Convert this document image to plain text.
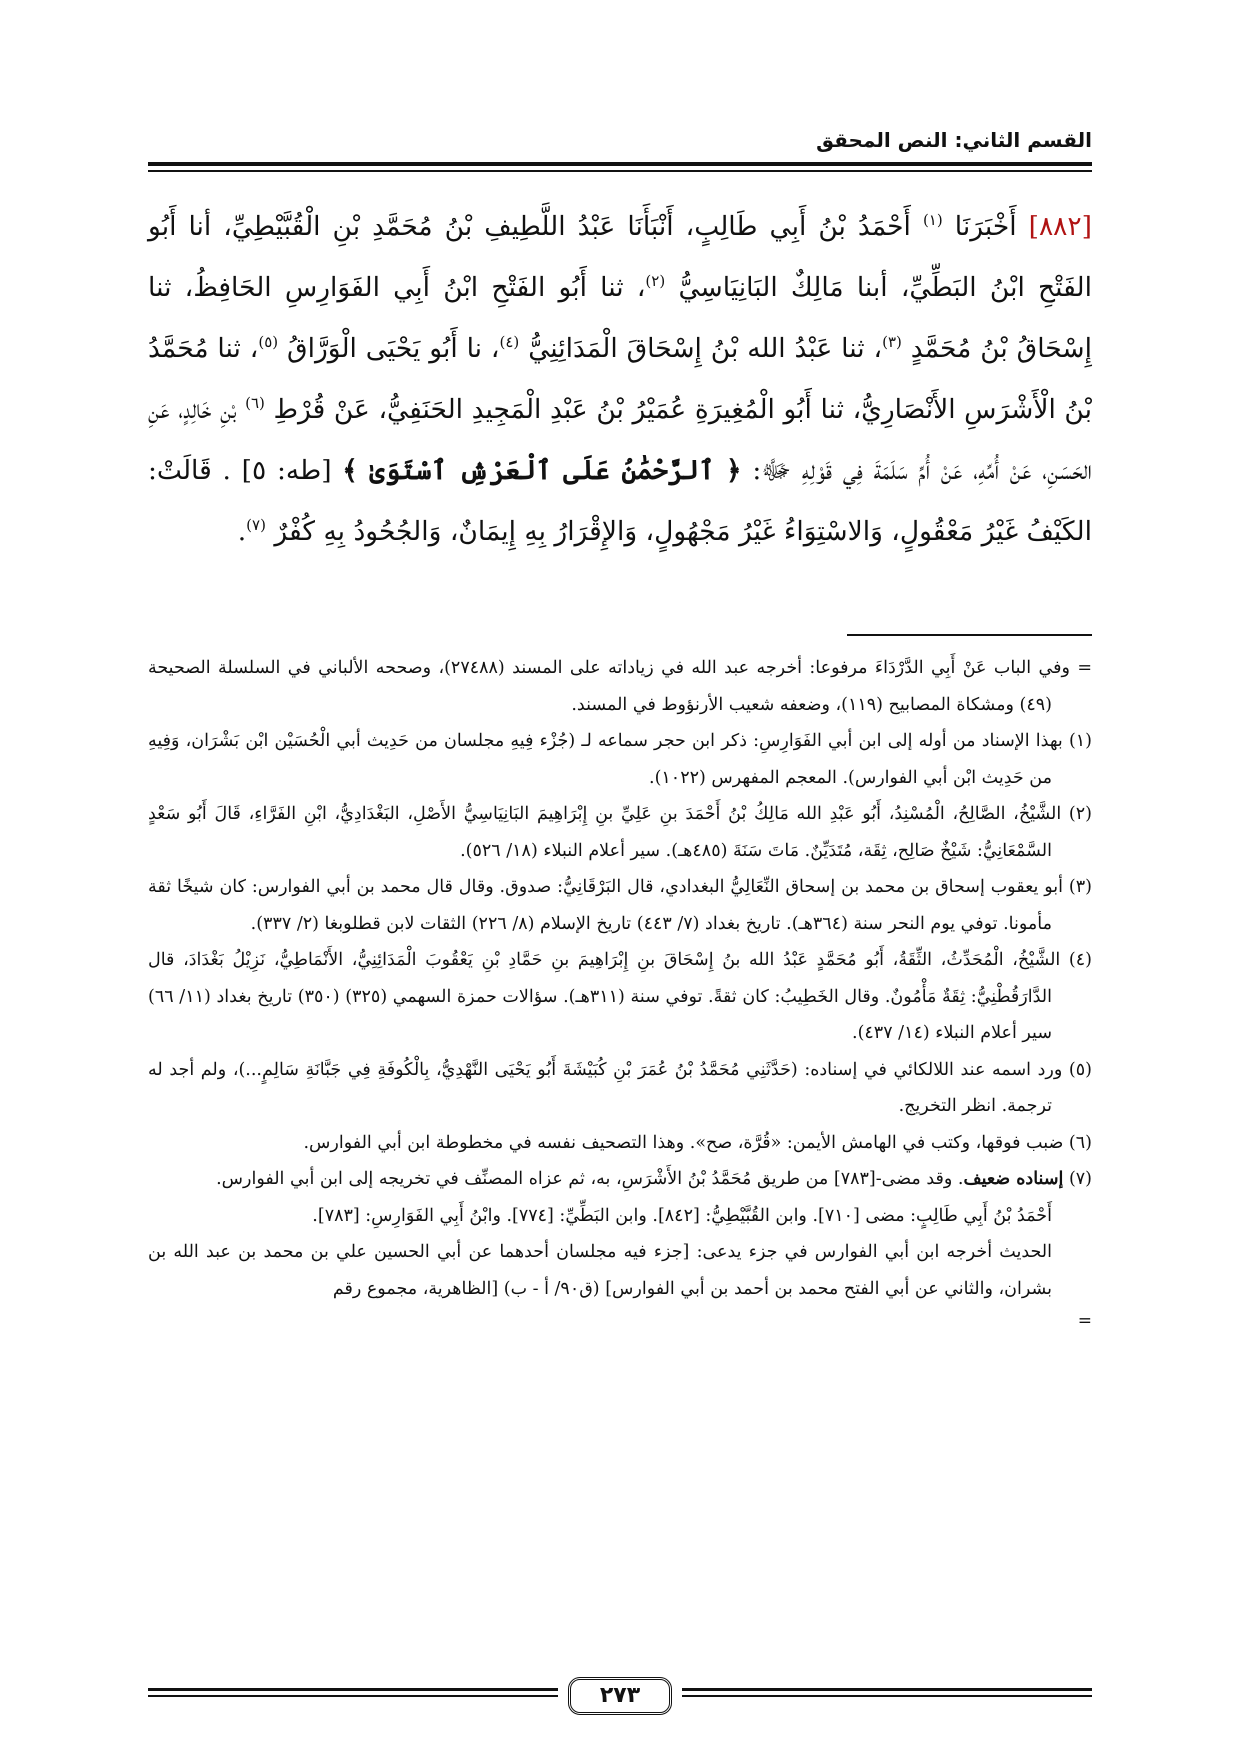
القسم الثاني: النص المحقق
[٨٨٢] أَخْبَرَنَا $^{(١)}$ أَحْمَدُ بْنُ أَبِي طَالِبٍ، أَنْبَأَنَا عَبْدُ اللَّطِيفِ بْنُ مُحَمَّدِ بْنِ الْقُبَّيْطِيِّ، أنا أَبُو الفَتْحِ ابْنُ البَطِّيِّ، أبنا مَالِكٌ البَانِيَاسِيُّ $^{(٢)}$، ثنا أَبُو الفَتْحِ ابْنُ أَبِي الفَوَارِسِ الحَافِظُ، ثنا إِسْحَاقُ بْنُ مُحَمَّدٍ $^{(٣)}$، ثنا عَبْدُ الله بْنُ إِسْحَاقَ الْمَدَائِنِيُّ $^{(٤)}$، نا أَبُو يَحْيَى الْوَرَّاقُ $^{(٥)}$، ثنا مُحَمَّدُ بْنُ الْأَشْرَسِ الأَنْصَارِيُّ، ثنا أَبُو الْمُغِيرَةِ عُمَيْرُ بْنُ عَبْدِ الْمَجِيدِ الحَنَفِيُّ، عَنْ قُرْطِ $^{(٦)}$ بْنِ خَالِدٍ، عَنِ الحَسَنِ، عَنْ أُمِّهِ، عَنْ أُمِّ سَلَمَةَ فِي قَوْلِهِ ﷻ: ﴿ ٱلرَّحْمَٰنُ عَلَى ٱلْعَرْشِ ٱسْتَوَىٰ ﴾ [طه: ٥] . قَالَتْ: الكَيْفُ غَيْرُ مَعْقُولٍ، وَالاسْتِوَاءُ غَيْرُ مَجْهُولٍ، وَالإِقْرَارُ بِهِ إِيمَانٌ، وَالجُحُودُ بِهِ كُفْرٌ $^{(٧)}$.

= وفي الباب عَنْ أَبِي الدَّرْدَاءَ مرفوعا: أخرجه عبد الله في زياداته على المسند (٢٧٤٨٨)، وصححه الألباني في السلسلة الصحيحة (٤٩) ومشكاة المصابيح (١١٩)، وضعفه شعيب الأرنؤوط في المسند.

(١) بهذا الإسناد من أوله إلى ابن أبي الفَوَارِسِ: ذكر ابن حجر سماعه لـ (جُزْء فِيهِ مجلسان من حَدِيث أبي الْحُسَيْن ابْن بَشْرَان، وَفِيهِ من حَدِيث ابْن أبي الفوارس). المعجم المفهرس (١٠٢٢).

(٢) الشَّيْخُ، الصَّالِحُ، الْمُسْنِدُ، أَبُو عَبْدِ الله مَالِكُ بْنُ أَحْمَدَ بنِ عَلِيِّ بنِ إِبْرَاهِيمَ البَانِيَاسِيُّ الأَصْلِ، البَغْدَادِيُّ، ابْنِ الفَرَّاءِ، قَالَ أَبُو سَعْدٍ السَّمْعَانِيُّ: شَيْخٌ صَالِح، ثِقَة، مُتَدَيِّنٌ. مَاتَ سَنَةَ (٤٨٥هـ). سير أعلام النبلاء (١٨/ ٥٢٦).

(٣) أبو يعقوب إسحاق بن محمد بن إسحاق النِّعَالِيُّ البغدادي، قال البَرْقَانِيُّ: صدوق. وقال قال محمد بن أبي الفوارس: كان شيخًا ثقة مأمونا. توفي يوم النحر سنة (٣٦٤هـ). تاريخ بغداد (٧/ ٤٤٣) تاريخ الإسلام (٨/ ٢٢٦) الثقات لابن قطلوبغا (٢/ ٣٣٧).

(٤) الشَّيْخُ، الْمُحَدِّثُ، الثِّقَةُ، أَبُو مُحَمَّدٍ عَبْدُ الله بنُ إِسْحَاقَ بنِ إِبْرَاهِيمَ بنِ حَمَّادِ بْنِ يَعْقُوبَ الْمَدَائِنِيُّ، الأَنْمَاطِيُّ، نَزِيْلُ بَغْدَادَ، قال الدَّارَقُطْنِيُّ: ثِقَةٌ مَأْمُونٌ. وقال الخَطِيبُ: كان ثقةً. توفي سنة (٣١١هـ). سؤالات حمزة السهمي (٣٢٥) (٣٥٠) تاريخ بغداد (١١/ ٦٦) سير أعلام النبلاء (١٤/ ٤٣٧).

(٥) ورد اسمه عند اللالكائي في إسناده: (حَدَّثَنِي مُحَمَّدُ بْنُ عُمَرَ بْنِ كُبَيْشَةَ أَبُو يَحْيَى النَّهْدِيُّ، بِالْكُوفَةِ فِي جَبَّانَةِ سَالِمٍ...)، ولم أجد له ترجمة. انظر التخريج.

(٦) ضبب فوقها، وكتب في الهامش الأيمن: «قُرَّة، صح». وهذا التصحيف نفسه في مخطوطة ابن أبي الفوارس.

(٧) إسناده ضعيف. وقد مضى-[٧٨٣] من طريق مُحَمَّدُ بْنُ الأَشْرَسِ، به، ثم عزاه المصنِّف في تخريجه إلى ابن أبي الفوارس.

أَحْمَدُ بْنُ أَبِي طَالِبٍ: مضى [٧١٠]. وابن القُبَّيْطِيُّ: [٨٤٢]. وابن البَطِّيِّ: [٧٧٤]. وابْنُ أَبِي الفَوَارِسِ: [٧٨٣].

الحديث أخرجه ابن أبي الفوارس في جزء يدعى: [جزء فيه مجلسان أحدهما عن أبي الحسين علي بن محمد بن عبد الله بن بشران، والثاني عن أبي الفتح محمد بن أحمد بن أبي الفوارس] (ق٩٠/ أ - ب) [الظاهرية، مجموع رقم

=

٢٧٣
